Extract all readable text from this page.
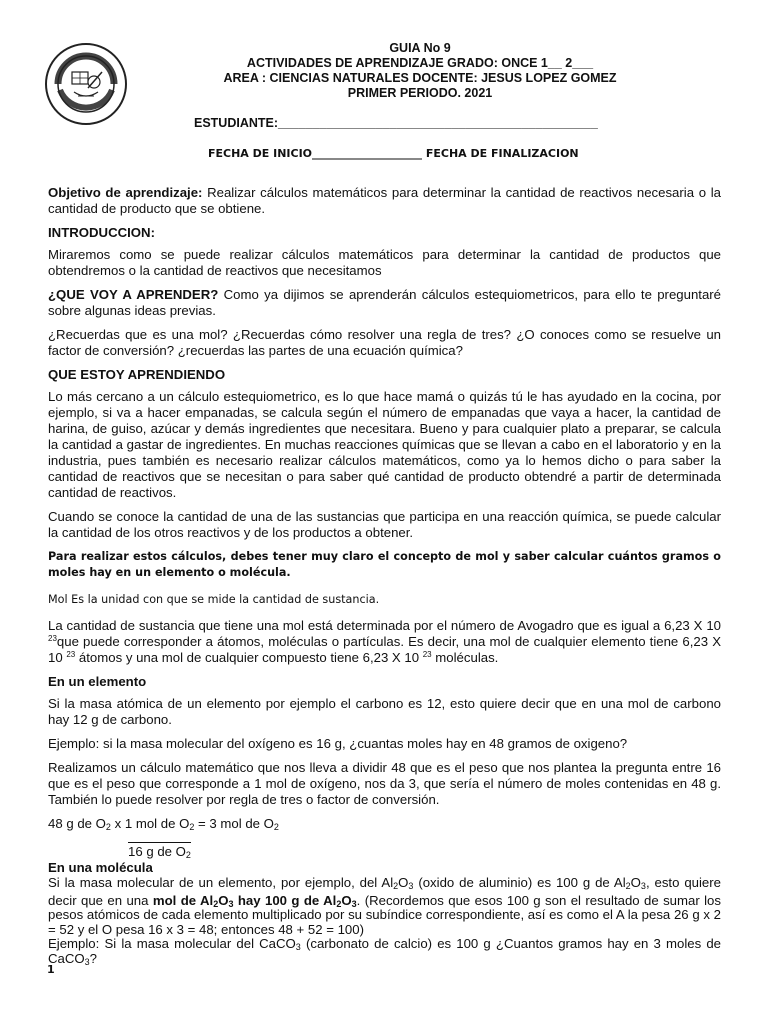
GUIA No 9
ACTIVIDADES DE APRENDIZAJE GRADO: ONCE 1__ 2___
AREA : CIENCIAS NATURALES DOCENTE: JESUS LOPEZ GOMEZ
PRIMER PERIODO. 2021
ESTUDIANTE:______________________________________________
FECHA DE INICIO____________________ FECHA DE FINALIZACION

Objetivo de aprendizaje: Realizar cálculos matemáticos para determinar la cantidad de reactivos necesaria o la cantidad de producto que se obtiene.

INTRODUCCION:

Miraremos como se puede realizar cálculos matemáticos para determinar la cantidad de productos que obtendremos o la cantidad de reactivos que necesitamos

¿QUE VOY A APRENDER? Como ya dijimos se aprenderán cálculos estequiometricos, para ello te preguntaré sobre algunas ideas previas.

¿Recuerdas que es una mol? ¿Recuerdas cómo resolver una regla de tres? ¿O conoces como se resuelve un factor de conversión? ¿recuerdas las partes de una ecuación química?

QUE ESTOY APRENDIENDO

Lo más cercano a un cálculo estequiometrico, es lo que hace mamá o quizás tú le has ayudado en la cocina, por ejemplo, si va a hacer empanadas, se calcula según el número de empanadas que vaya a hacer, la cantidad de harina, de guiso, azúcar y demás ingredientes que necesitara. Bueno y para cualquier plato a preparar, se calcula la cantidad a gastar de ingredientes. En muchas reacciones químicas que se llevan a cabo en el laboratorio y en la industria, pues también es necesario realizar cálculos matemáticos, como ya lo hemos dicho o para saber la cantidad de reactivos que se necesitan o para saber qué cantidad de producto obtendré a partir de determinada cantidad de reactivos.

Cuando se conoce la cantidad de una de las sustancias que participa en una reacción química, se puede calcular la cantidad de los otros reactivos y de los productos a obtener.

Para realizar estos cálculos, debes tener muy claro el concepto de mol y saber calcular cuántos gramos o moles hay en un elemento o molécula.

Mol Es la unidad con que se mide la cantidad de sustancia.

La cantidad de sustancia que tiene una mol está determinada por el número de Avogadro que es igual a 6,23 X 10 $^{23}$que puede corresponder a átomos, moléculas o partículas. Es decir, una mol de cualquier elemento tiene 6,23 X 10 $^{23}$ átomos y una mol de cualquier compuesto tiene 6,23 X 10 $^{23}$ moléculas.

En un elemento

Si la masa atómica de un elemento por ejemplo el carbono es 12, esto quiere decir que en una mol de carbono hay 12 g de carbono.

Ejemplo: si la masa molecular del oxígeno es 16 g, ¿cuantas moles hay en 48 gramos de oxigeno?

Realizamos un cálculo matemático que nos lleva a dividir 48 que es el peso que nos plantea la pregunta entre 16 que es el peso que corresponde a 1 mol de oxígeno, nos da 3, que sería el número de moles contenidas en 48 g. También lo puede resolver por regla de tres o factor de conversión.

48 g de $O_2$ x 1 mol de $O_2 = 3$ mol de $O_2$

16 g de $O_2$

En una molécula

Si la masa molecular de un elemento, por ejemplo, del $Al_2O_3$ (oxido de aluminio) es 100 g de $Al2O_3$, esto quiere decir que en una mol de $Al_2O_3$ hay 100 g de $Al_2O_3$. (Recordemos que esos 100 g son el resultado de sumar los pesos atómicos de cada elemento multiplicado por su subíndice correspondiente, así es como el A la pesa 26 g x 2 = 52 y el O pesa 16 x 3 = 48; entonces 48 + 52 = 100)
Ejemplo: Si la masa molecular del CaCO$_3$ (carbonato de calcio) es 100 g ¿Cuantos gramos hay en 3 moles de CaCO$_3$?

1
